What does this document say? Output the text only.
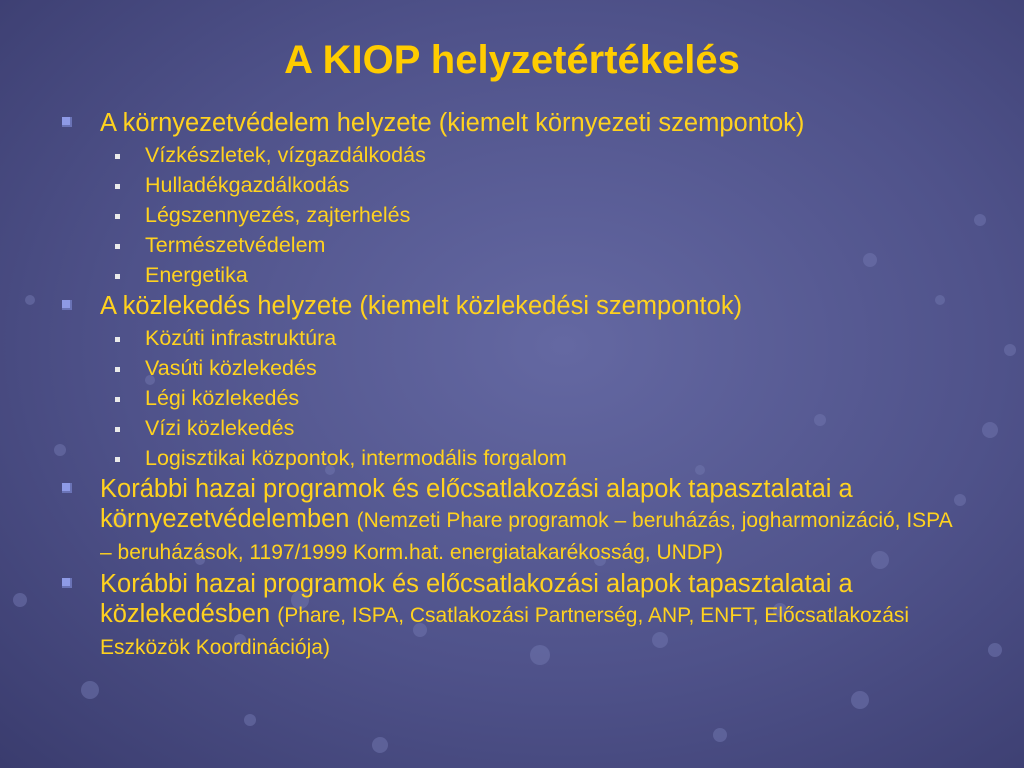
A KIOP helyzetértékelés
A környezetvédelem helyzete (kiemelt környezeti szempontok)
Vízkészletek, vízgazdálkodás
Hulladékgazdálkodás
Légszennyezés, zajterhelés
Természetvédelem
Energetika
A közlekedés helyzete (kiemelt közlekedési szempontok)
Közúti infrastruktúra
Vasúti közlekedés
Légi közlekedés
Vízi közlekedés
Logisztikai központok, intermodális forgalom
Korábbi hazai programok és előcsatlakozási alapok tapasztalatai a környezetvédelemben (Nemzeti Phare programok – beruházás, jogharmonizáció, ISPA – beruházások, 1197/1999 Korm.hat. energiatakarékosság, UNDP)
Korábbi hazai programok és előcsatlakozási alapok tapasztalatai a közlekedésben (Phare, ISPA, Csatlakozási Partnerség, ANP, ENFT, Előcsatlakozási Eszközök Koordinációja)
